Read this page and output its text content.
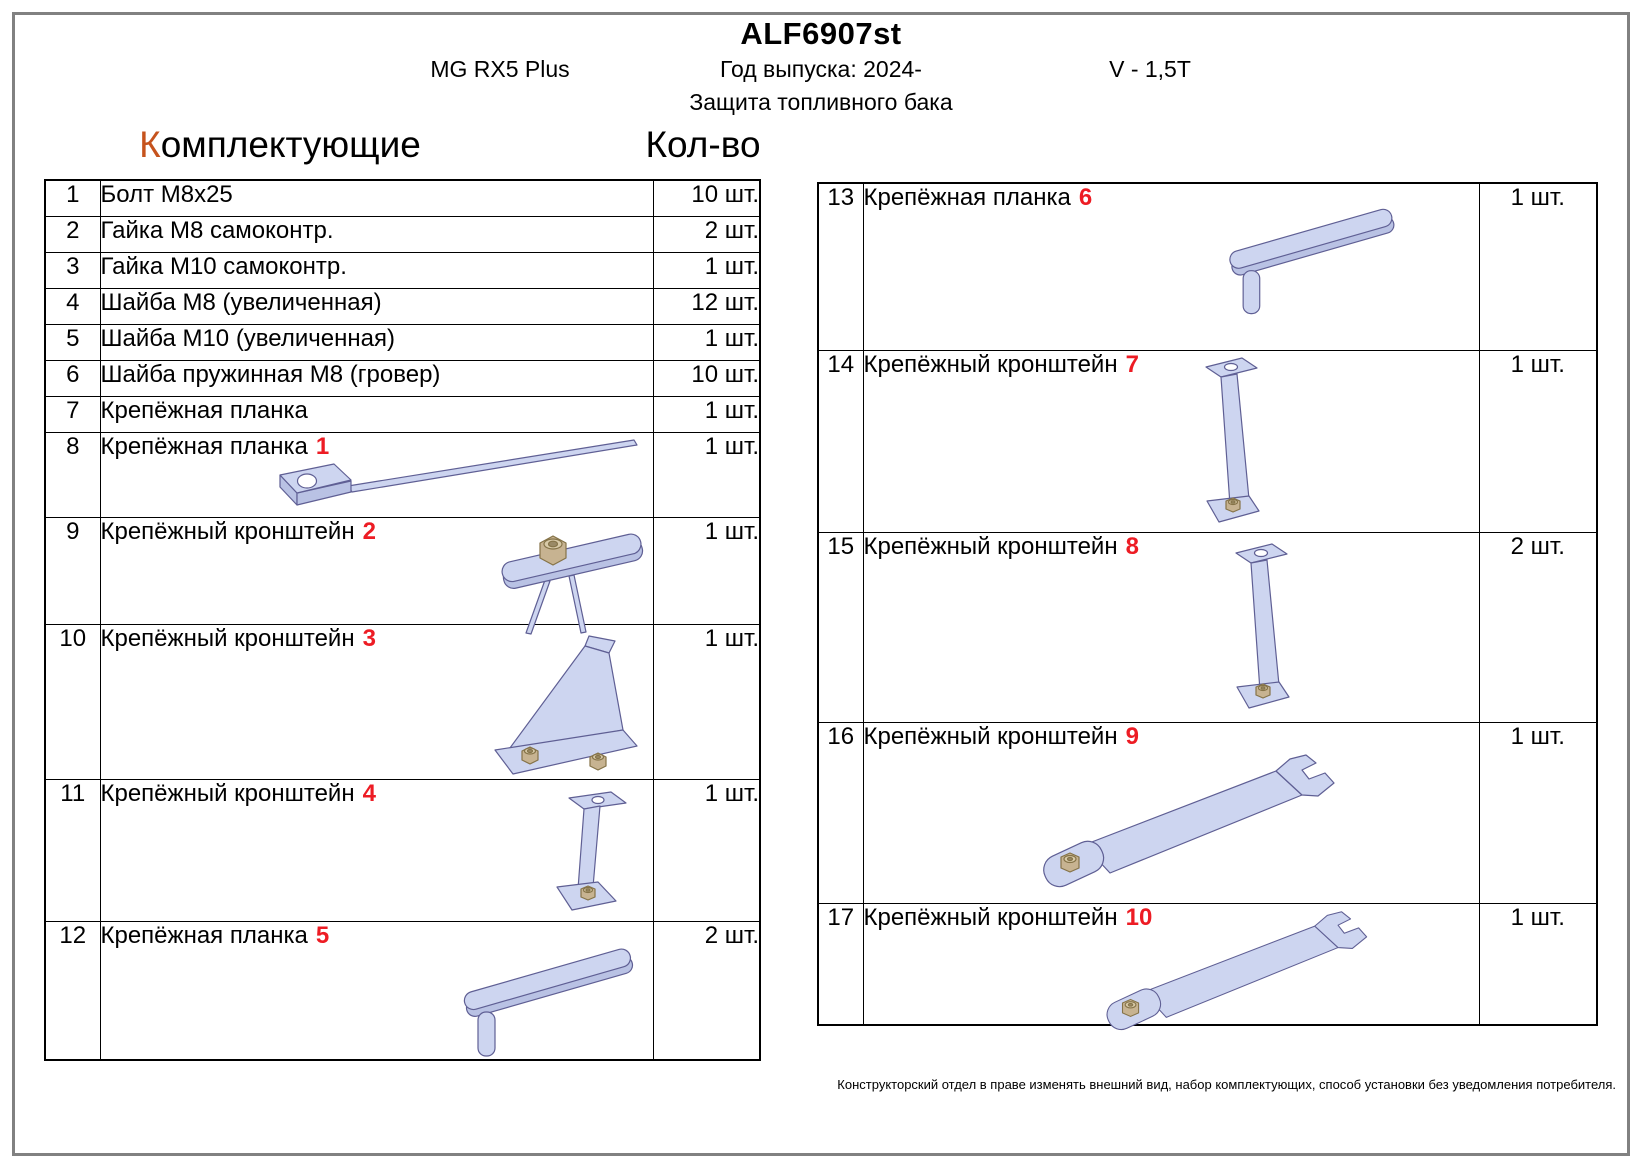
ALF6907st
MG RX5 Plus	Год выпуска: 2024-	V - 1,5T
Защита топливного бака
Комплектующие	Кол-во
1	Болт М8х25	10 шт.
2	Гайка М8 самоконтр.	2 шт.
3	Гайка М10 самоконтр.	1 шт.
4	Шайба М8 (увеличенная)	12 шт.
5	Шайба М10 (увеличенная)	1 шт.
6	Шайба пружинная М8 (гровер)	10 шт.
7	Крепёжная планка	1 шт.
8	Крепёжная планка 1	1 шт.
9	Крепёжный кронштейн 2	1 шт.
10	Крепёжный кронштейн 3	1 шт.
11	Крепёжный кронштейн 4	1 шт.
12	Крепёжная планка 5	2 шт.
13	Крепёжная планка 6	1 шт.
14	Крепёжный кронштейн 7	1 шт.
15	Крепёжный кронштейн 8	2 шт.
16	Крепёжный кронштейн 9	1 шт.
17	Крепёжный кронштейн 10	1 шт.
Конструкторский отдел в праве изменять внешний вид, набор комплектующих, способ установки без уведомления потребителя.
